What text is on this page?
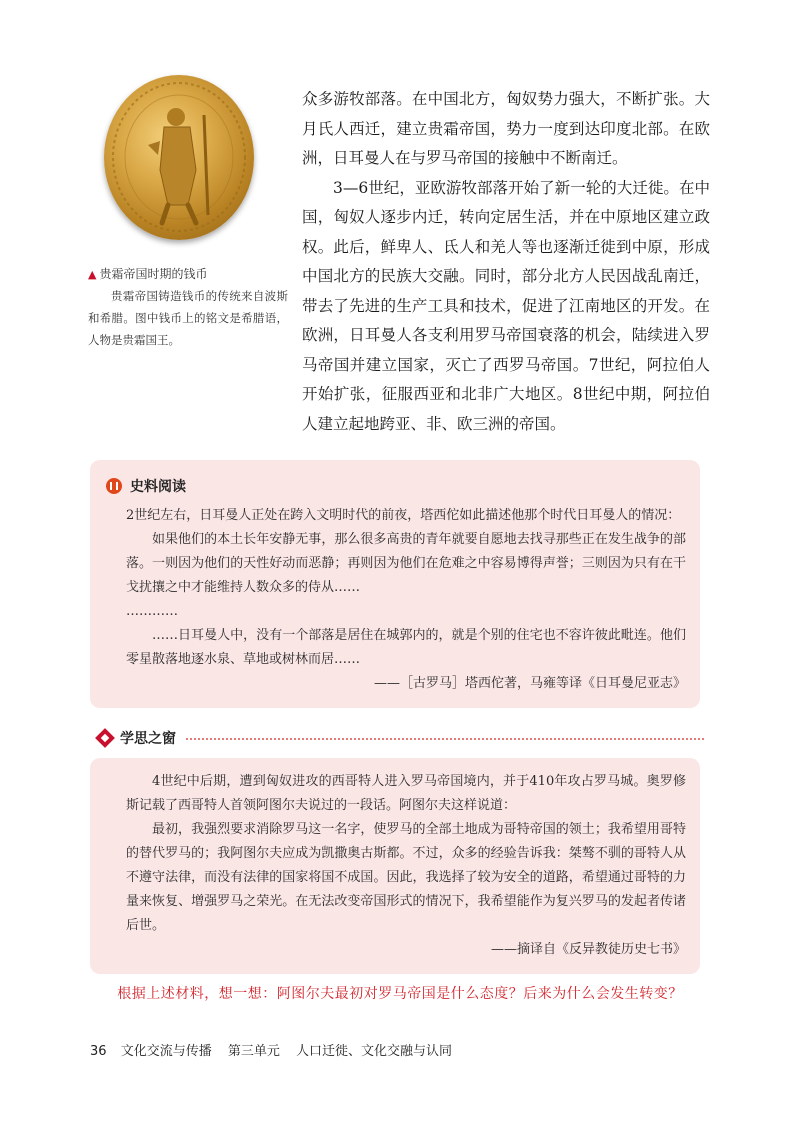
▲ 贵霜帝国时期的钱币
贵霜帝国铸造钱币的传统来自波斯和希腊。图中钱币上的铭文是希腊语，人物是贵霜国王。

众多游牧部落。在中国北方，匈奴势力强大，不断扩张。大月氏人西迁，建立贵霜帝国，势力一度到达印度北部。在欧洲，日耳曼人在与罗马帝国的接触中不断南迁。

3—6世纪，亚欧游牧部落开始了新一轮的大迁徙。在中国，匈奴人逐步内迁，转向定居生活，并在中原地区建立政权。此后，鲜卑人、氐人和羌人等也逐渐迁徙到中原，形成中国北方的民族大交融。同时，部分北方人民因战乱南迁，带去了先进的生产工具和技术，促进了江南地区的开发。在欧洲，日耳曼人各支利用罗马帝国衰落的机会，陆续进入罗马帝国并建立国家，灭亡了西罗马帝国。7世纪，阿拉伯人开始扩张，征服西亚和北非广大地区。8世纪中期，阿拉伯人建立起地跨亚、非、欧三洲的帝国。

史料阅读

2世纪左右，日耳曼人正处在跨入文明时代的前夜，塔西佗如此描述他那个时代日耳曼人的情况：

如果他们的本土长年安静无事，那么很多高贵的青年就要自愿地去找寻那些正在发生战争的部落。一则因为他们的天性好动而恶静；再则因为他们在危难之中容易博得声誉；三则因为只有在干戈扰攘之中才能维持人数众多的侍从……

…………

……日耳曼人中，没有一个部落是居住在城郭内的，就是个别的住宅也不容许彼此毗连。他们零星散落地逐水泉、草地或树林而居……

——［古罗马］塔西佗著，马雍等译《日耳曼尼亚志》

学思之窗

4世纪中后期，遭到匈奴进攻的西哥特人进入罗马帝国境内，并于410年攻占罗马城。奥罗修斯记载了西哥特人首领阿图尔夫说过的一段话。阿图尔夫这样说道：

最初，我强烈要求消除罗马这一名字，使罗马的全部土地成为哥特帝国的领土；我希望用哥特的替代罗马的；我阿图尔夫应成为凯撒奥古斯都。不过，众多的经验告诉我：桀骜不驯的哥特人从不遵守法律，而没有法律的国家将国不成国。因此，我选择了较为安全的道路，希望通过哥特的力量来恢复、增强罗马之荣光。在无法改变帝国形式的情况下，我希望能作为复兴罗马的发起者传诸后世。

——摘译自《反异教徒历史七书》

根据上述材料，想一想：阿图尔夫最初对罗马帝国是什么态度？后来为什么会发生转变？
36 文化交流与传播 第三单元 人口迁徙、文化交融与认同
